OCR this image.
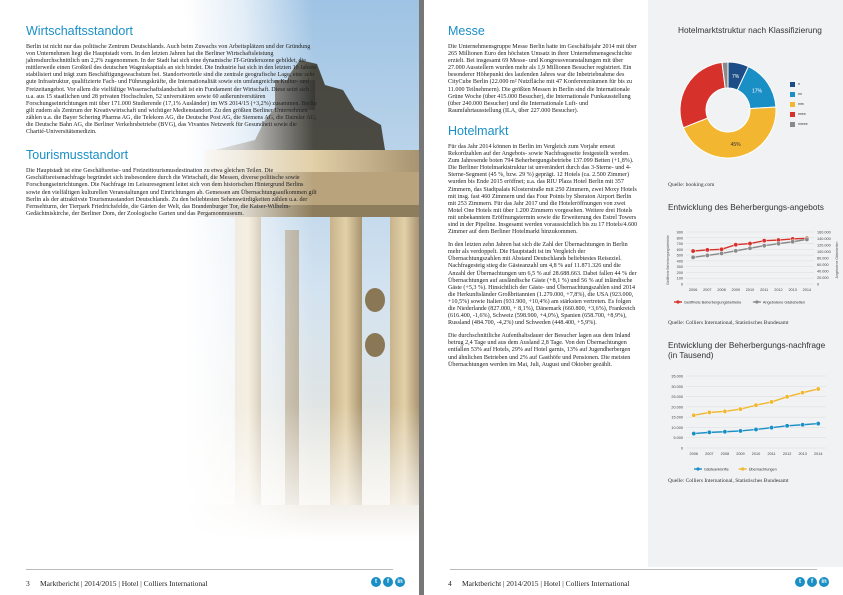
Wirtschaftsstandort
Berlin ist nicht nur das politische Zentrum Deutschlands. Auch beim Zuwachs von Arbeitsplätzen und der Gründung von Unternehmen liegt die Hauptstadt vorn. In den letzten Jahren hat die Berliner Wirtschaftsleistung jahresdurchschnittlich um 2,2% zugenommen. In der Stadt hat sich eine dynamische IT-Gründerszene gebildet, die mittlerweile einen Großteil des deutschen Wagniskapitals an sich bindet. Die Industrie hat sich in den letzten 10 Jahren stabilisiert und trägt zum Beschäftigungswachstum bei. Standortvorteile sind die zentrale geografische Lage, eine sehr gute Infrastruktur, qualifizierte Fach- und Führungskräfte, die Internationalität sowie ein umfangreiches Kultur- und Freizeitangebot. Vor allem die vielfältige Wissenschaftslandschaft ist ein Fundament der Wirtschaft. Diese setzt sich u.a. aus 15 staatlichen und 28 privaten Hochschulen, 52 universitären sowie 60 außeruniversitären Forschungseinrichtungen mit über 171.000 Studierende (17,1% Ausländer) im WS 2014/15 (+3,2%) zusammen. Berlin gilt zudem als Zentrum der Kreativwirtschaft und wichtiger Medienstandort. Zu den größten Berliner Unternehmen zählen u.a. die Bayer Schering Pharma AG, die Telekom AG, die Deutsche Post AG, die Siemens AG, die Daimler AG, die Deutsche Bahn AG, die Berliner Verkehrsbetriebe (BVG), das Vivantes Netzwerk für Gesundheit sowie die Charité-Universitätsmedizin.
Tourismusstandort
Die Hauptstadt ist eine Geschäftsreise- und Freizeittourismusdestination zu etwa gleichen Teilen. Die Geschäftsreisenachfrage begründet sich insbesondere durch die Wirtschaft, die Messen, diverse politische sowie Forschungseinrichtungen. Die Nachfrage im Leisuresegment leitet sich von dem historischen Hintergrund Berlins sowie den vielfältigen kulturellen Veranstaltungen und Einrichtungen ab. Gemessen am Übernachtungsaufkommen gilt Berlin als der attraktivste Tourismusstandort Deutschlands. Zu den beliebtesten Sehenswürdigkeiten zählen u.a. der Fernsehturm, der Tierpark Friedrichsfelde, die Gärten der Welt, das Brandenburger Tor, die Kaiser-Wilhelm-Gedächtniskirche, der Berliner Dom, der Zoologische Garten und das Pergamonmuseum.
3 Marktbericht | 2014/2015 | Hotel | Colliers International	t	f	in
Messe
Die Unternehmensgruppe Messe Berlin hatte im Geschäftsjahr 2014 mit über 265 Millionen Euro den höchsten Umsatz in ihrer Unternehmensgeschichte erzielt. Bei insgesamt 69 Messe- und Kongressveranstaltungen mit über 27.000 Ausstellern wurden mehr als 1,9 Millionen Besucher registriert. Ein besonderer Höhepunkt des laufenden Jahres war die Inbetriebnahme des CityCube Berlin (22.000 m² Nutzfläche mit 47 Konferenzräumen für bis zu 11.000 Teilnehmern). Die größten Messen in Berlin sind die Internationale Grüne Woche (über 415.000 Besucher), die Internationale Funkausstellung (über 240.000 Besucher) und die Internationale Luft- und Raumfahrtausstellung (ILA, über 227.000 Besucher).
Hotelmarkt
Für das Jahr 2014 können in Berlin im Vergleich zum Vorjahr erneut Rekordzahlen auf der Angebots- sowie Nachfrageseite festgestellt werden. Zum Jahresende boten 794 Beherbergungsbetriebe 137.099 Betten (+1,8%). Die Berliner Hotelmarktstruktur ist unverändert durch das 3-Sterne- und 4-Sterne-Segment (45 %, bzw. 29 %) geprägt. 12 Hotels (ca. 2.500 Zimmer) wurden bis Ende 2015 eröffnet; u.a. das RIU Plaza Hotel Berlin mit 357 Zimmern, das Stadtpalais Klosterstraße mit 250 Zimmern, zwei Moxy Hotels mit insg. fast 460 Zimmern und das Four Points by Sheraton Airport Berlin mit 253 Zimmern. Für das Jahr 2017 und die Hoteleröffnungen von zwei Motel One Hotels mit über 1.200 Zimmern vorgesehen. Weitere drei Hotels mit unbekanntem Eröffnungstermin sowie die Erweiterung des Estrel Towers sind in der Pipeline. Insgesamt werden voraussichtlich bis zu 17 Hotels/4.600 Zimmer auf dem Berliner Hotelmarkt hinzukommen.
In den letzten zehn Jahren hat sich die Zahl der Übernachtungen in Berlin mehr als verdoppelt. Die Hauptstadt ist im Vergleich der Übernachtungszahlen mit Abstand Deutschlands beliebtestes Reiseziel. Nachfragesteig stieg die Gästeanzahl um 4,8 % auf 11.871.326 und die Anzahl der Übernachtungen um 6,5 % auf 28.688.663. Dabei fallen 44 % der Übernachtungen auf ausländische Gäste (+8,1 %) und 56 % auf inländische Gäste (+5,3 %). Hinsichtlich der Gäste- und Übernachtungszahlen sind 2014 die Herkunftsländer Großbritannien (1.279.000, +7,8%), die USA (923.000, +10,5%) sowie Italien (931.900, +10,4%) am stärksten vertreten. Es folgen die Niederlande (827.000, + 8,1%), Dänemark (660.800, +3,6%), Frankreich (616.400, -1,6%), Schweiz (598.900, +4,0%), Spanien (658.700, +8,9%), Russland (484.700, -4,2%) und Schweden (448.400, +5,9%).
Die durchschnittliche Aufenthaltsdauer der Besucher lagen aus dem Inland betrug 2,4 Tage und aus dem Ausland 2,8 Tage. Von den Übernachtungen entfallen 53% auf Hotels, 29% auf Hotel garnis, 13% auf Jugendherbergen und ähnlichen Betrieben und 2% auf Gasthöfe und Pensionen. Die meisten Übernachtungen werden im Mai, Juli, August und Oktober gezählt.
Hotelmarktstruktur nach Klassifizierung
7%
17%
45%
*
**
***
****
*****
Quelle: booking.com
Entwicklung des Beherbergungs-angebots
0
100
200
300
400
500
600
700
800
900
0
20.000
40.000
60.000
80.000
100.000
120.000
140.000
160.000
2006 2007 2008 2009 2010 2011 2012 2013 2014
Geöffnete Beherbergungsbetriebe	Angebotene Gästebetten
Geöffnete Beherbergungsbetriebe	Angebotene Gästebetten
Quelle: Colliers International, Statistisches Bundesamt
Entwicklung der Beherbergungs-nachfrage (in Tausend)
0
5.000
10.000
15.000
20.000
25.000
30.000
35.000
2006 2007 2008 2009 2010 2011 2012 2013 2014
Gästeankünfte	Übernachtungen
Quelle: Colliers International, Statistisches Bundesamt
4 Marktbericht | 2014/2015 | Hotel | Colliers International	t	f	in
